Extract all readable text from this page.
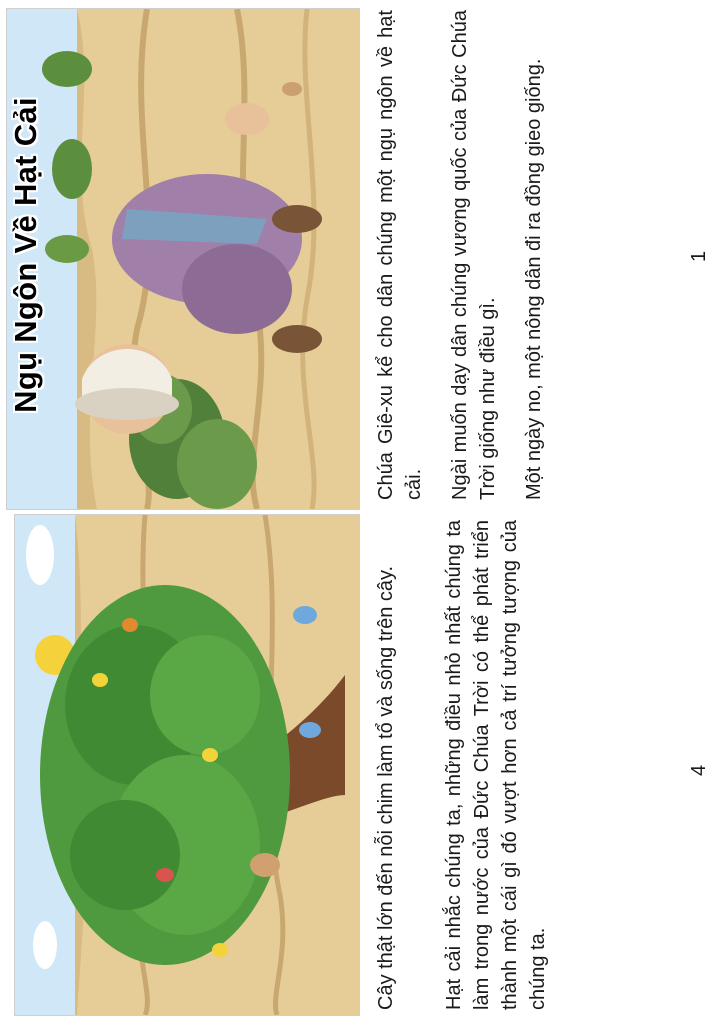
Ngụ Ngôn Về Hạt Cải	Chúa Giê-xu kể cho dân chúng một ngụ ngôn về hạt cải. Ngài muốn dạy dân chúng vương quốc của Đức Chúa Trời giống như điều gì. Một ngày no, một nông dân đi ra đồng gieo giống.	1

Cây thật lớn đến nỗi chim làm tổ và sống trên cây. Hạt cải nhắc chúng ta, những điều nhỏ nhất chúng ta làm trong nước của Đức Chúa Trời có thể phát triển thành một cái gì đó vượt hơn cả trí tưởng tượng của chúng ta.

4
